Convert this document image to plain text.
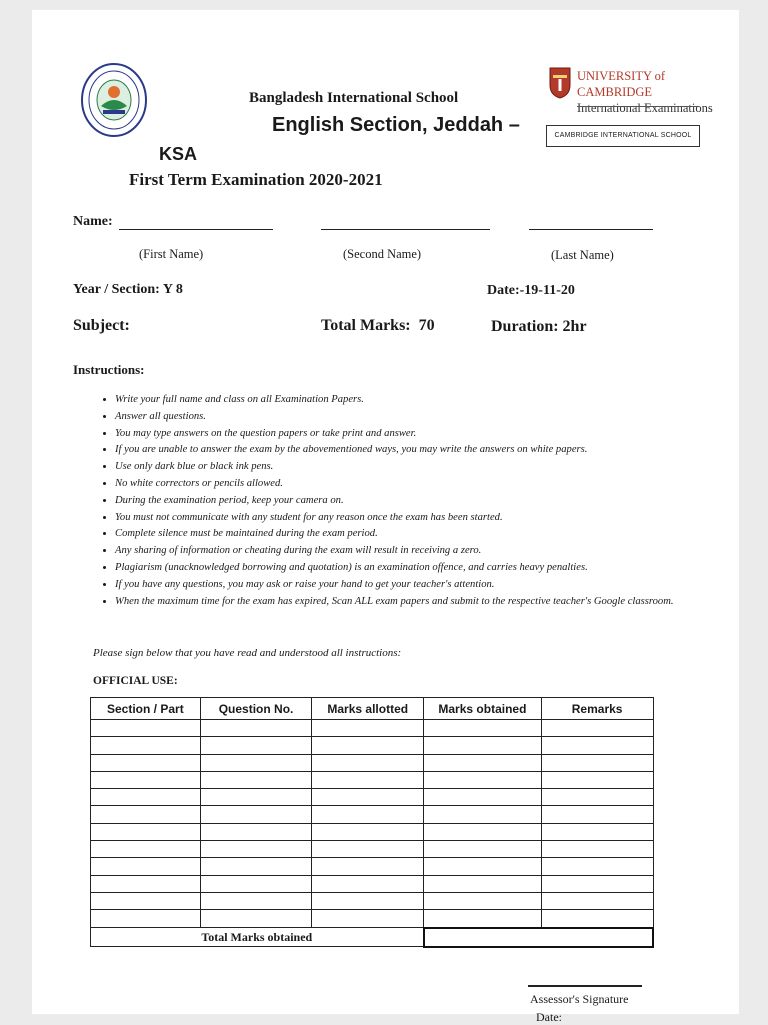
Bangladesh International School
English Section, Jeddah –
KSA
First Term Examination 2020-2021
UNIVERSITY of CAMBRIDGE
International Examinations
CAMBRIDGE INTERNATIONAL SCHOOL
Name:
(First Name)	(Second Name)	(Last Name)
Year / Section: Y 8	Date:-19-11-20
Subject:	Total Marks:  70	Duration: 2hr
Instructions:
• Write your full name and class on all Examination Papers.
• Answer all questions.
• You may type answers on the question papers or take print and answer.
• If you are unable to answer the exam by the abovementioned ways, you may write the answers on white papers.
• Use only dark blue or black ink pens.
• No white correctors or pencils allowed.
• During the examination period, keep your camera on.
• You must not communicate with any student for any reason once the exam has been started.
• Complete silence must be maintained during the exam period.
• Any sharing of information or cheating during the exam will result in receiving a zero.
• Plagiarism (unacknowledged borrowing and quotation) is an examination offence, and carries heavy penalties.
• If you have any questions, you may ask or raise your hand to get your teacher's attention.
• When the maximum time for the exam has expired, Scan ALL exam papers and submit to the respective teacher's Google classroom.
Please sign below that you have read and understood all instructions:
OFFICIAL USE:
Section / Part	Question No.	Marks allotted	Marks obtained	Remarks

Total Marks obtained				
Assessor's Signature
Date:
